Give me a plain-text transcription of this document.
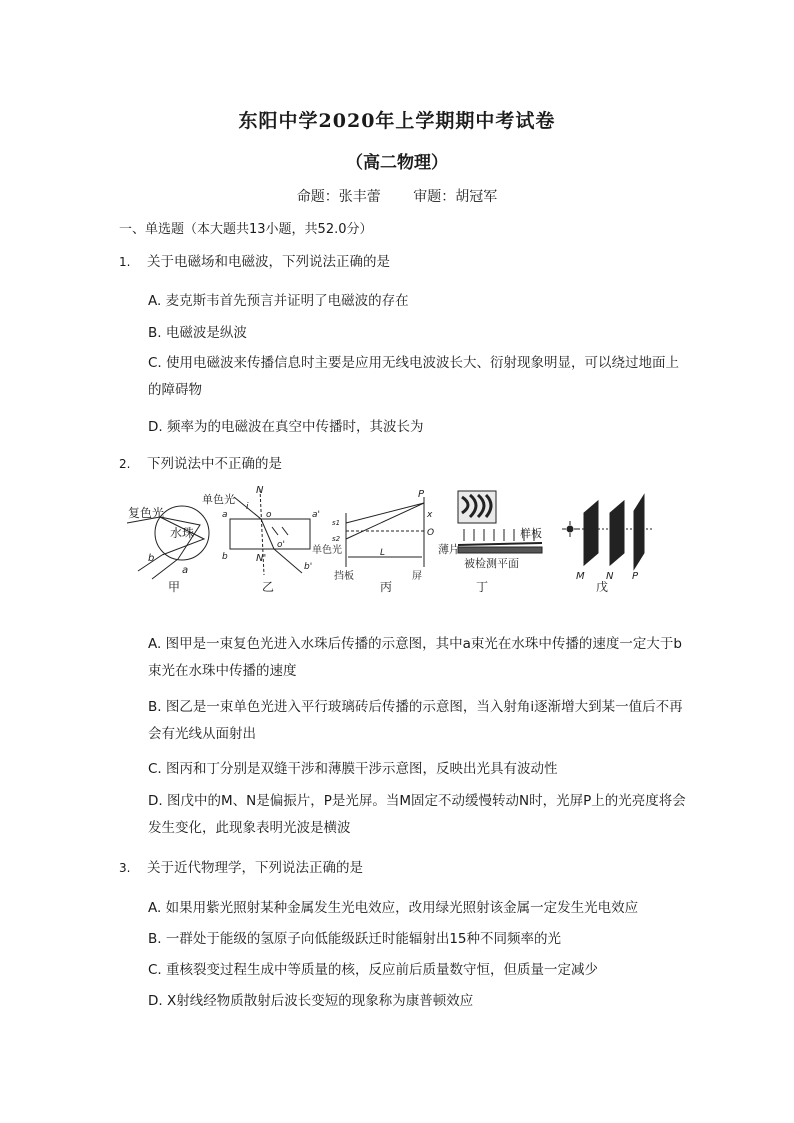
东阳中学2020年上学期期中考试卷
（高二物理）
命题：张丰蕾 审题：胡冠军
一、单选题（本大题共13小题，共52.0分）
1. 关于电磁场和电磁波，下列说法正确的是
A. 麦克斯韦首先预言并证明了电磁波的存在
B. 电磁波是纵波
C. 使用电磁波来传播信息时主要是应用无线电波波长大、衍射现象明显，可以绕过地面上的障碍物
D. 频率为的电磁波在真空中传播时，其波长为
2. 下列说法中不正确的是
复色光
水珠
a
b
甲
单色光
N
N'
a	a'
o
o'
b
b'
i
乙
P
x
O
s1
s2
单色光	L
挡板	屏
丙
薄片
样板
被检测平面
丁
M N P
戊
A. 图甲是一束复色光进入水珠后传播的示意图，其中a束光在水珠中传播的速度一定大于b束光在水珠中传播的速度
B. 图乙是一束单色光进入平行玻璃砖后传播的示意图，当入射角i逐渐增大到某一值后不再会有光线从面射出
C. 图丙和丁分别是双缝干涉和薄膜干涉示意图，反映出光具有波动性
D. 图戊中的M、N是偏振片，P是光屏。当M固定不动缓慢转动N时，光屏P上的光亮度将会发生变化，此现象表明光波是横波
3. 关于近代物理学，下列说法正确的是
A. 如果用紫光照射某种金属发生光电效应，改用绿光照射该金属一定发生光电效应
B. 一群处于能级的氢原子向低能级跃迁时能辐射出15种不同频率的光
C. 重核裂变过程生成中等质量的核，反应前后质量数守恒，但质量一定减少
D. X射线经物质散射后波长变短的现象称为康普顿效应
